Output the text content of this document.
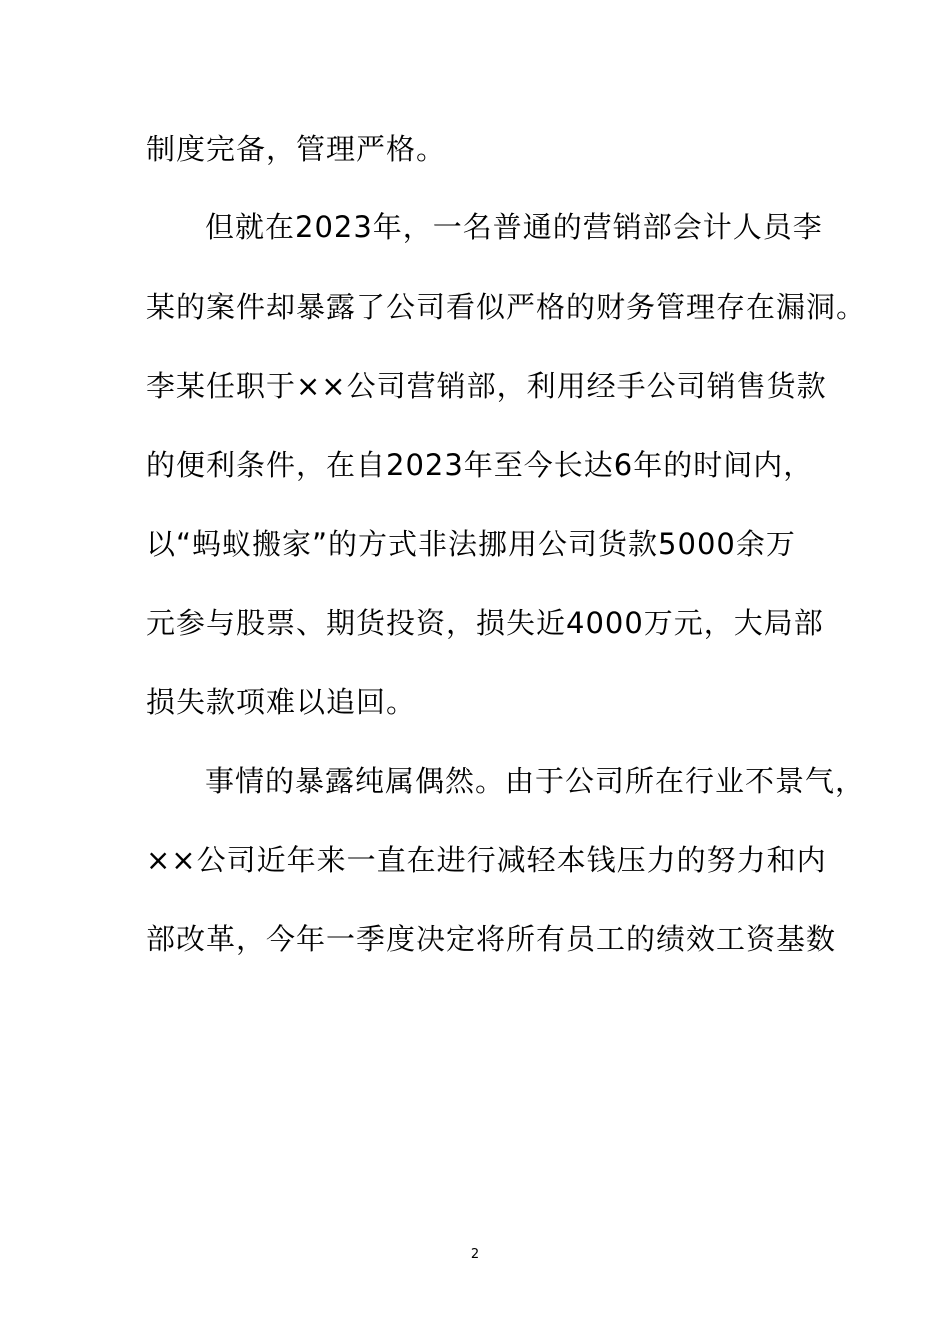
制度完备，管理严格。
但就在2023年，一名普通的营销部会计人员李
某的案件却暴露了公司看似严格的财务管理存在漏洞。
李某任职于××公司营销部，利用经手公司销售货款
的便利条件，在自2023年至今长达6年的时间内，
以“蚂蚁搬家”的方式非法挪用公司货款5000余万
元参与股票、期货投资，损失近4000万元，大局部
损失款项难以追回。
事情的暴露纯属偶然。由于公司所在行业不景气，
××公司近年来一直在进行减轻本钱压力的努力和内
部改革，今年一季度决定将所有员工的绩效工资基数
2
